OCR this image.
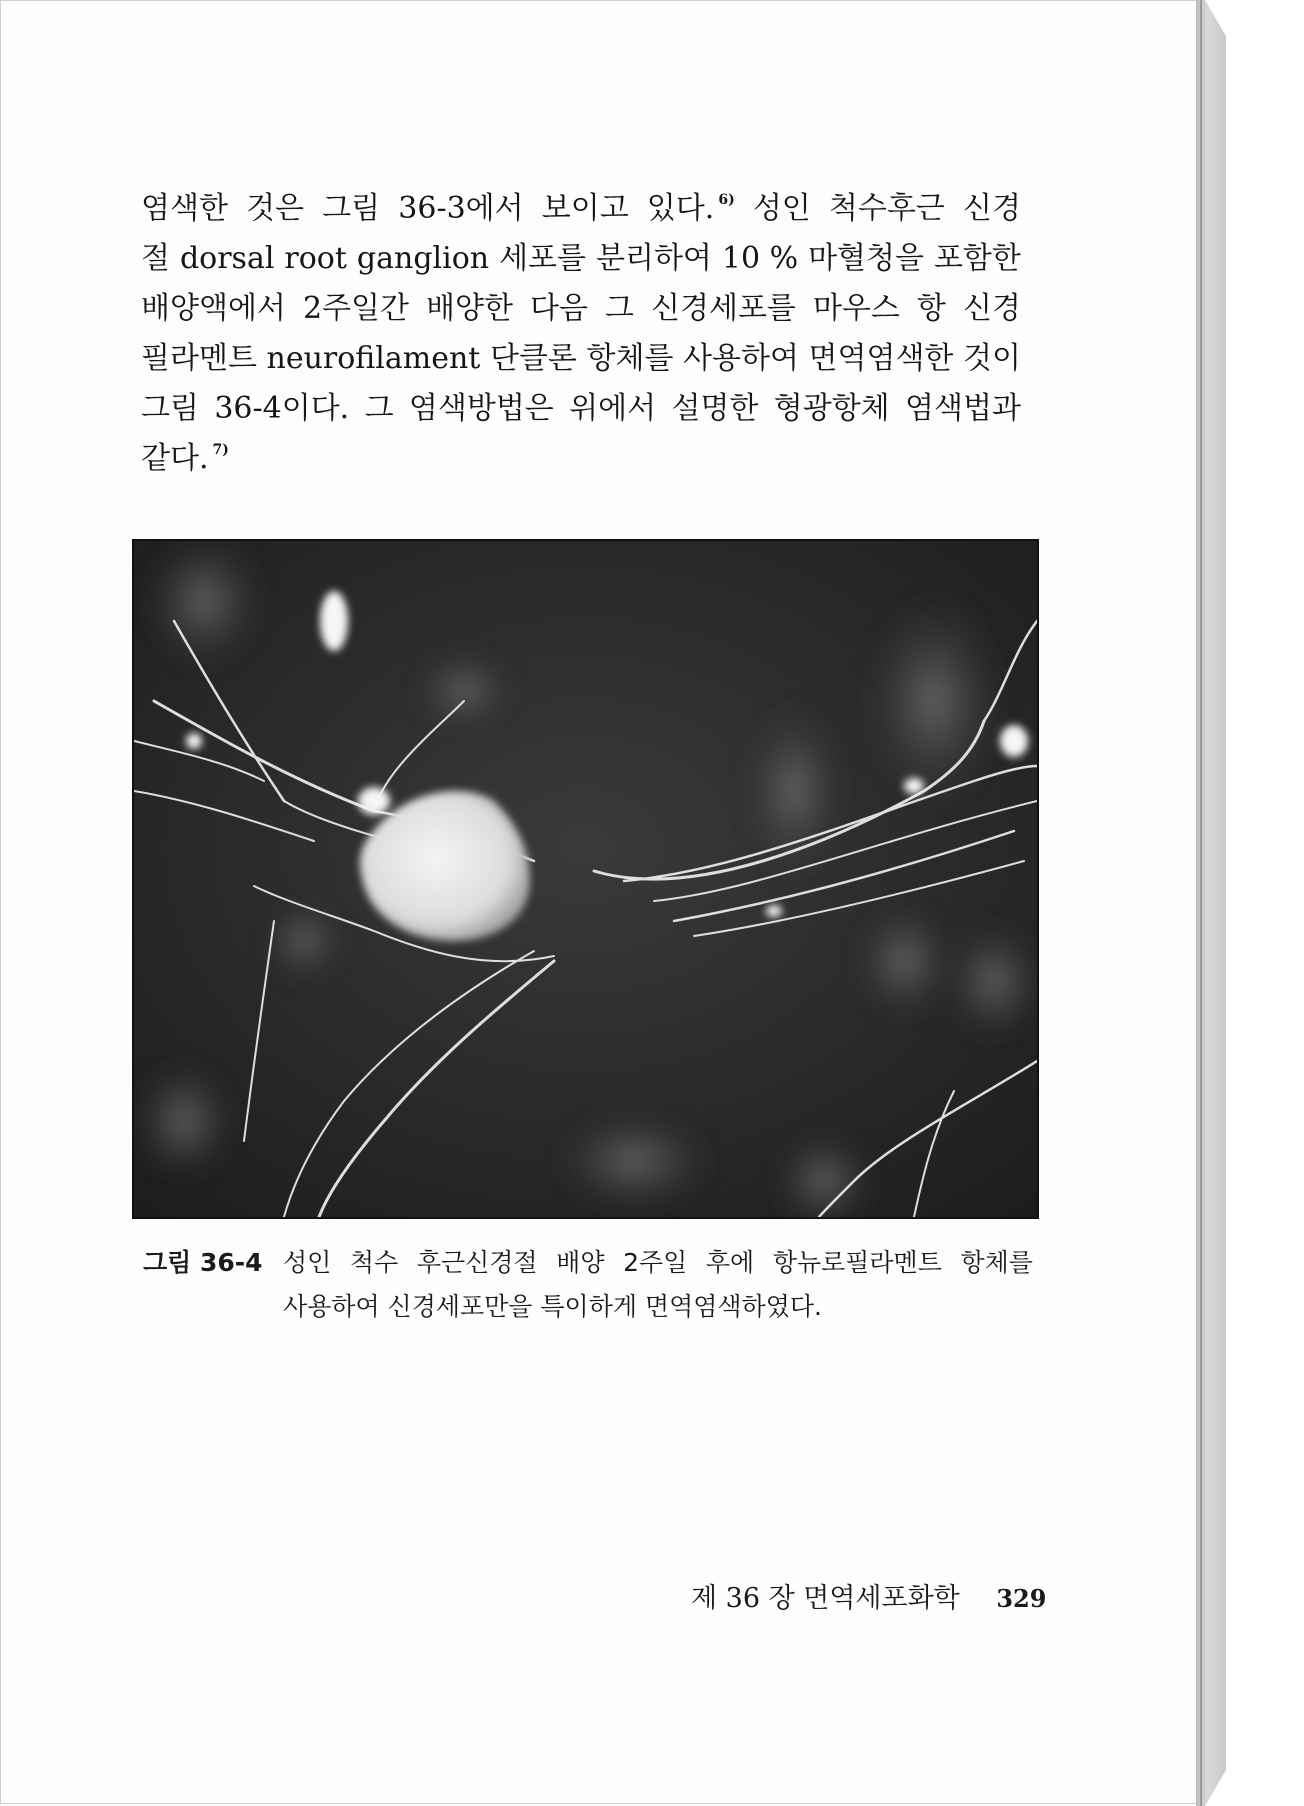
염색한 것은 그림 36-3에서 보이고 있다. $^{6)}$ 성인 척수후근 신경
절 dorsal root ganglion 세포를 분리하여 10 % 마혈청을 포함한
배양액에서 2주일간 배양한 다음 그 신경세포를 마우스 항 신경
필라멘트 neurofilament 단클론 항체를 사용하여 면역염색한 것이
그림 36-4이다. 그 염색방법은 위에서 설명한 형광항체 염색법과
같다. $^{7)}$
그림 36-4 성인 척수 후근신경절 배양 2주일 후에 항뉴로필라멘트 항체를
사용하여 신경세포만을 특이하게 면역염색하였다.
제 36 장 면역세포화학 329
